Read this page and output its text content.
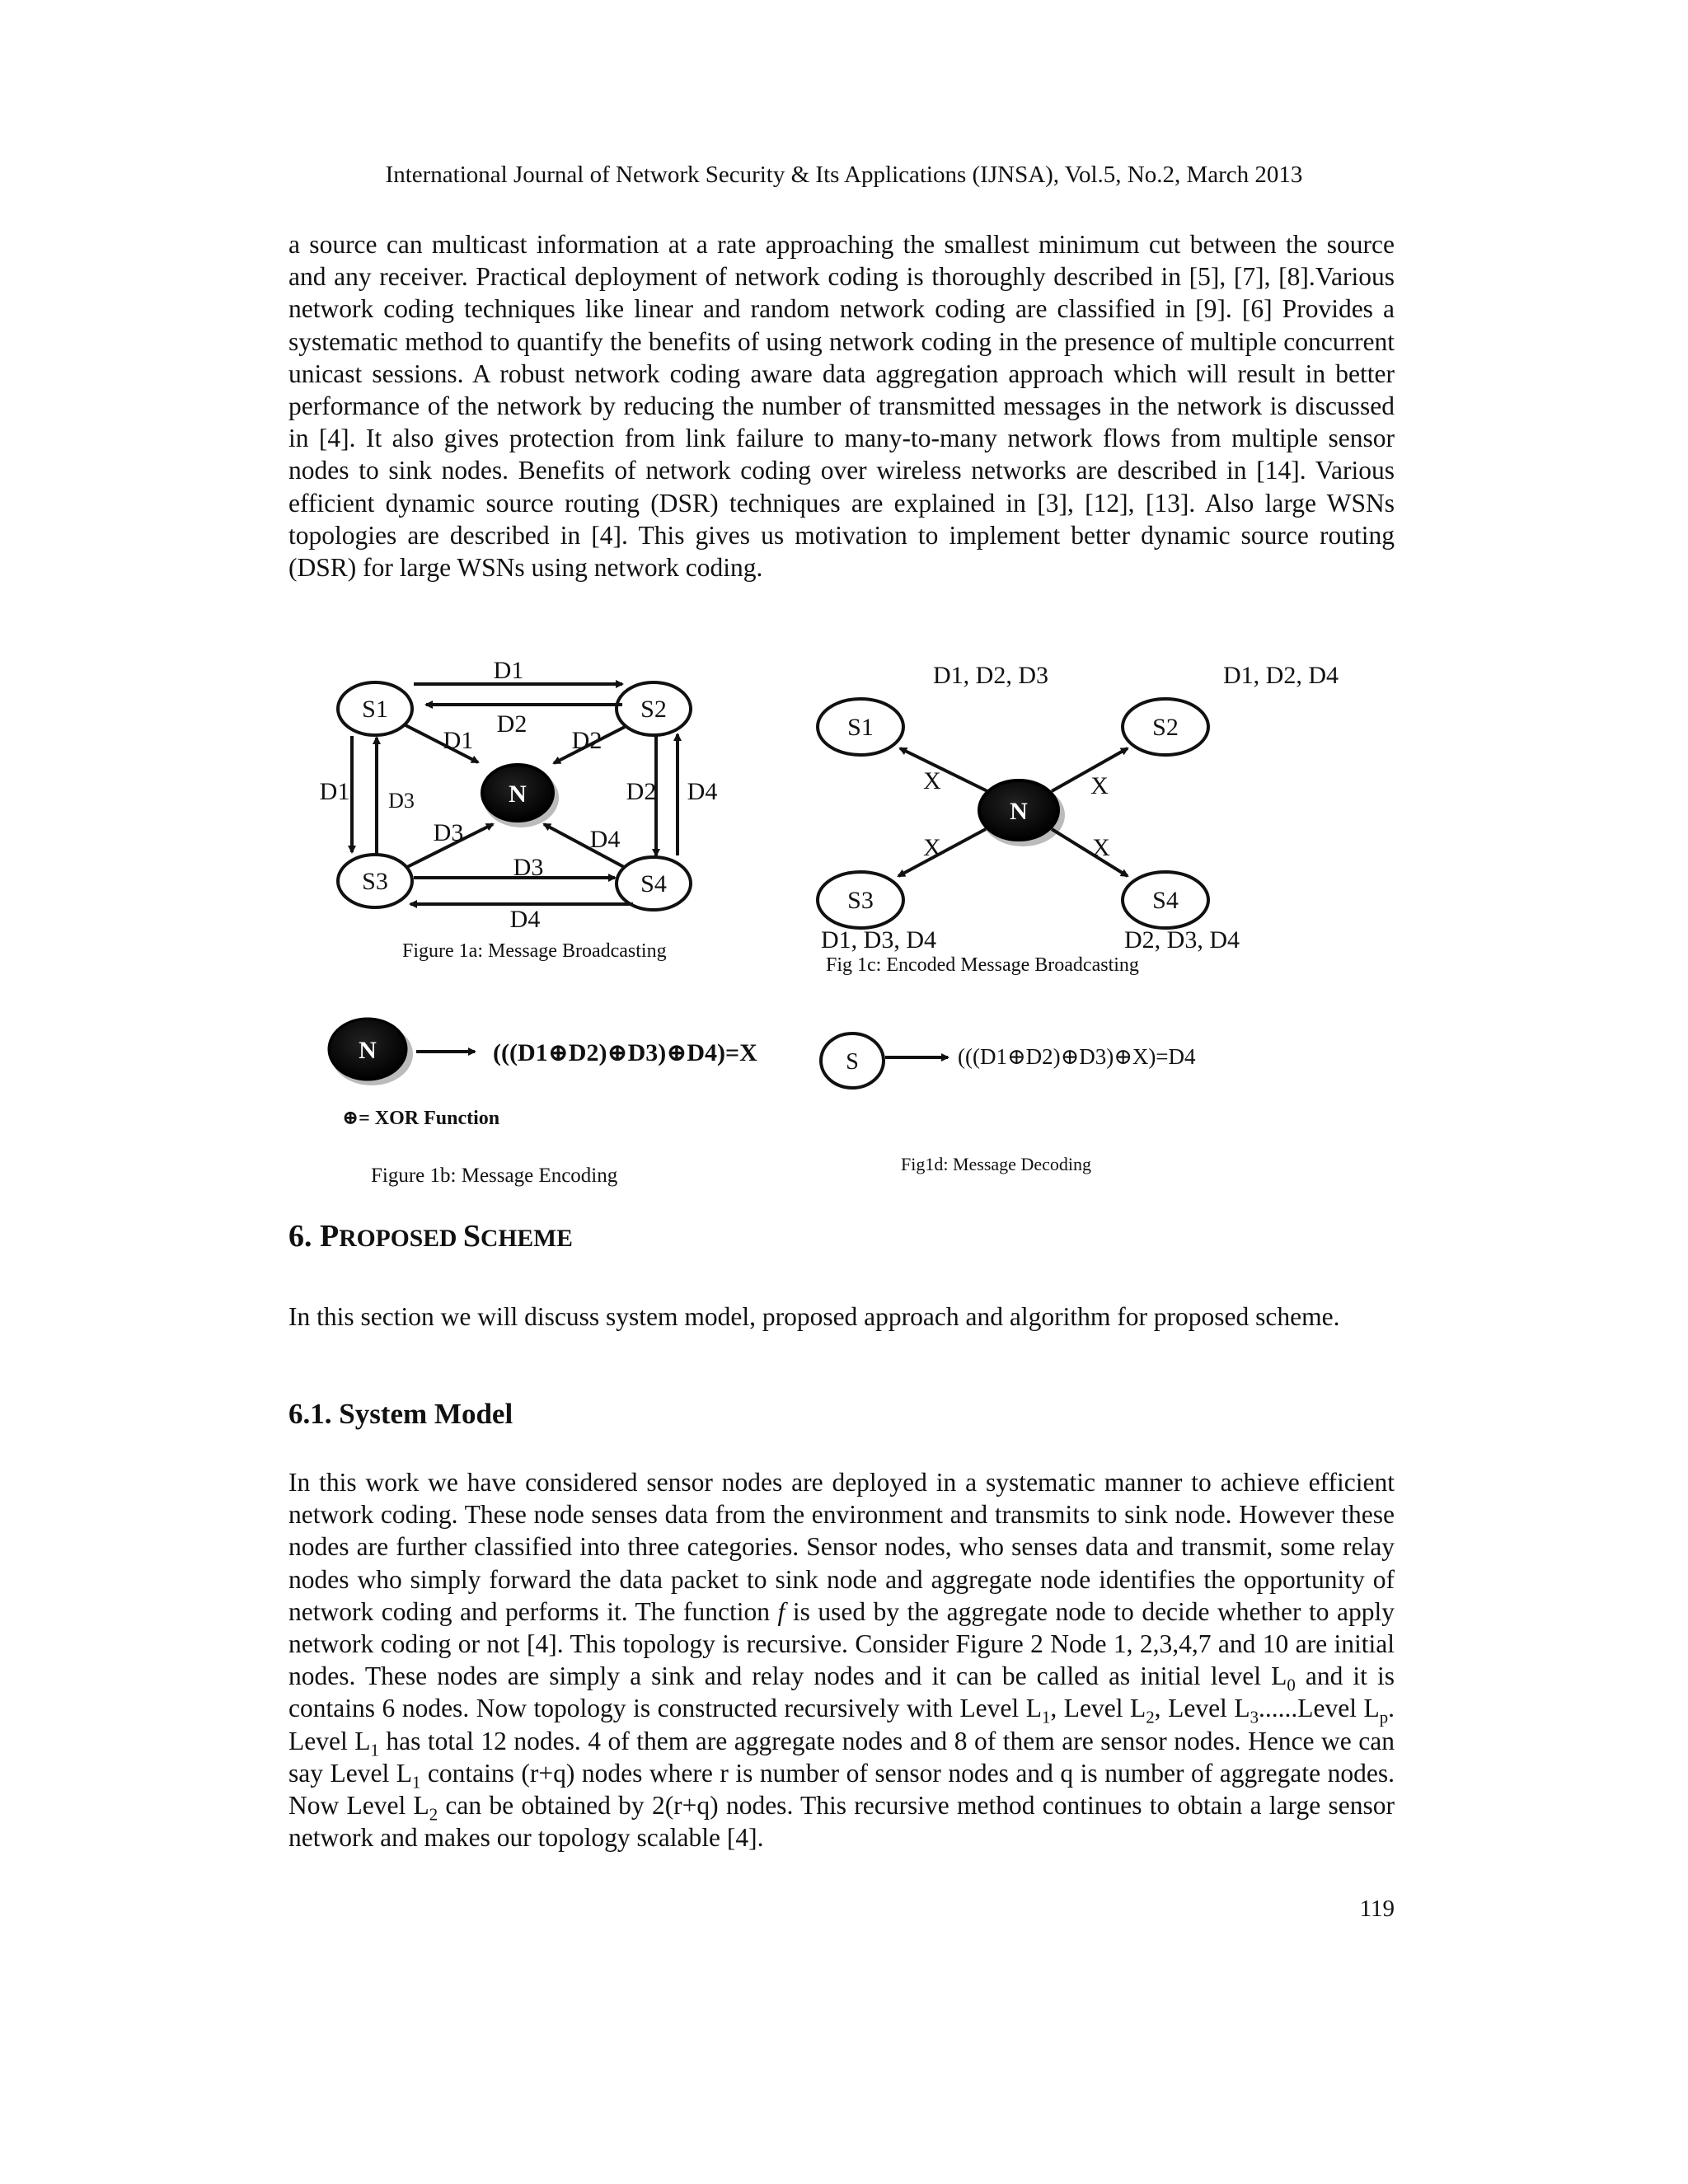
International Journal of Network Security & Its Applications (IJNSA), Vol.5, No.2, March 2013

a source can multicast information at a rate approaching the smallest minimum cut between the source and any receiver. Practical deployment of network coding is thoroughly described in [5], [7], [8].Various network coding techniques like linear and random network coding are classified in [9]. [6] Provides a systematic method to quantify the benefits of using network coding in the presence of multiple concurrent unicast sessions. A robust network coding aware data aggregation approach which will result in better performance of the network by reducing the number of transmitted messages in the network is discussed in [4]. It also gives protection from link failure to many-to-many network flows from multiple sensor nodes to sink nodes. Benefits of network coding over wireless networks are described in [14]. Various efficient dynamic source routing (DSR) techniques are explained in [3], [12], [13]. Also large WSNs topologies are described in [4]. This gives us motivation to implement better dynamic source routing (DSR) for large WSNs using network coding.

S1	S2
S3	S4
N
D1
D2
D1	D2
D1 D3	D2 D4
D3	D4
D3
D4
Figure 1a: Message Broadcasting
N	(((D1⊕D2)⊕D3)⊕D4)=X
⊕= XOR Function
Figure 1b: Message Encoding
S1	S2
S3	S4
N
D1, D2, D3	D1, D2, D4
D1, D3, D4	D2, D3, D4
X	X
X	X
Fig 1c: Encoded Message Broadcasting
S	(((D1⊕D2)⊕D3)⊕X)=D4
Fig1d: Message Decoding
6. PROPOSED SCHEME

In this section we will discuss system model, proposed approach and algorithm for proposed scheme.

6.1. System Model

In this work we have considered sensor nodes are deployed in a systematic manner to achieve efficient network coding. These node senses data from the environment and transmits to sink node. However these nodes are further classified into three categories. Sensor nodes, who senses data and transmit, some relay nodes who simply forward the data packet to sink node and aggregate node identifies the opportunity of network coding and performs it. The function f is used by the aggregate node to decide whether to apply network coding or not [4]. This topology is recursive. Consider Figure 2 Node 1, 2,3,4,7 and 10 are initial nodes. These nodes are simply a sink and relay nodes and it can be called as initial level $L_0$ and it is contains 6 nodes. Now topology is constructed recursively with Level $L_1$, Level $L_2$, Level $L_3......Level$ $L_p$. Level $L_1$ has total 12 nodes. 4 of them are aggregate nodes and 8 of them are sensor nodes. Hence we can say Level $L_1$ contains (r+q) nodes where r is number of sensor nodes and q is number of aggregate nodes. Now Level $L_2$ can be obtained by 2(r+q) nodes. This recursive method continues to obtain a large sensor network and makes our topology scalable [4].

119
